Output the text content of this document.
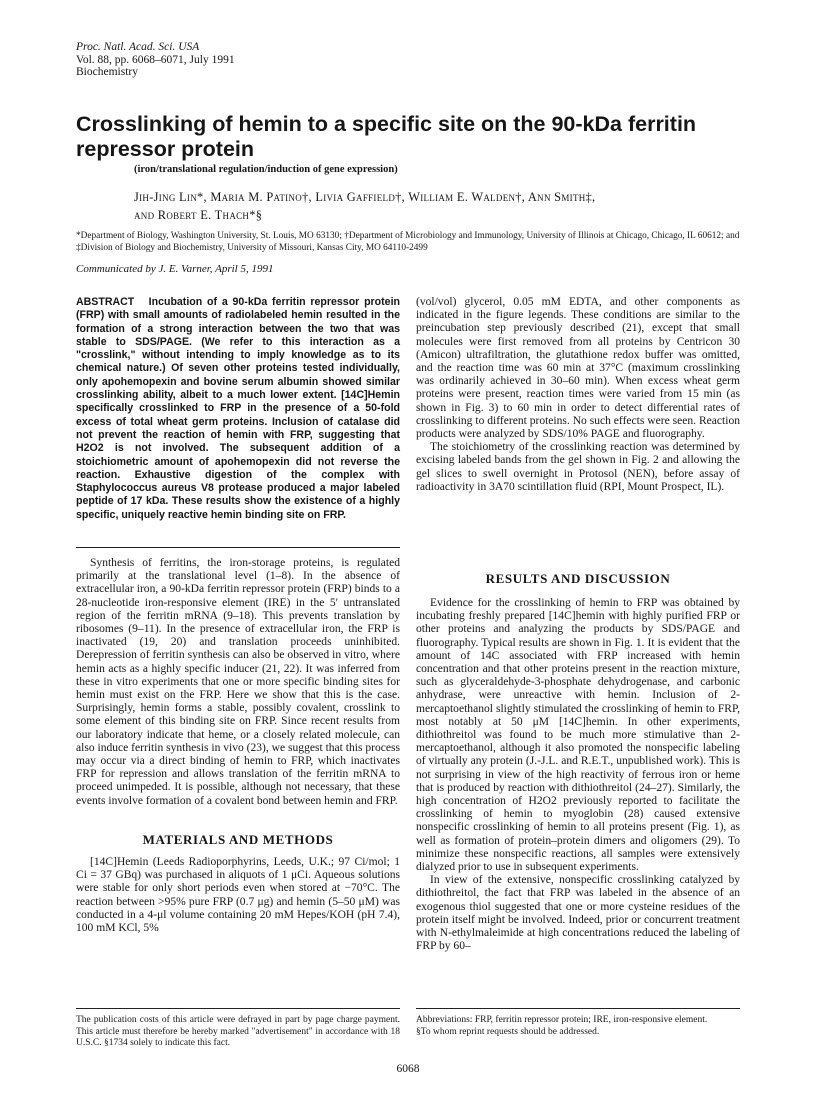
Proc. Natl. Acad. Sci. USA
Vol. 88, pp. 6068–6071, July 1991
Biochemistry
Crosslinking of hemin to a specific site on the 90-kDa ferritin repressor protein
(iron/translational regulation/induction of gene expression)
Jih-Jing Lin*, Maria M. Patino†, Livia Gaffield†, William E. Walden†, Ann Smith‡,
and Robert E. Thach*§
*Department of Biology, Washington University, St. Louis, MO 63130; †Department of Microbiology and Immunology, University of Illinois at Chicago, Chicago, IL 60612; and ‡Division of Biology and Biochemistry, University of Missouri, Kansas City, MO 64110-2499
Communicated by J. E. Varner, April 5, 1991

ABSTRACT Incubation of a 90-kDa ferritin repressor protein (FRP) with small amounts of radiolabeled hemin resulted in the formation of a strong interaction between the two that was stable to SDS/PAGE. (We refer to this interaction as a "crosslink," without intending to imply knowledge as to its chemical nature.) Of seven other proteins tested individually, only apohemopexin and bovine serum albumin showed similar crosslinking ability, albeit to a much lower extent. [14C]Hemin specifically crosslinked to FRP in the presence of a 50-fold excess of total wheat germ proteins. Inclusion of catalase did not prevent the reaction of hemin with FRP, suggesting that H2O2 is not involved. The subsequent addition of a stoichiometric amount of apohemopexin did not reverse the reaction. Exhaustive digestion of the complex with Staphylococcus aureus V8 protease produced a major labeled peptide of 17 kDa. These results show the existence of a highly specific, uniquely reactive hemin binding site on FRP.

Synthesis of ferritins, the iron-storage proteins, is regulated primarily at the translational level (1–8). In the absence of extracellular iron, a 90-kDa ferritin repressor protein (FRP) binds to a 28-nucleotide iron-responsive element (IRE) in the 5′ untranslated region of the ferritin mRNA (9–18). This prevents translation by ribosomes (9–11). In the presence of extracellular iron, the FRP is inactivated (19, 20) and translation proceeds uninhibited. Derepression of ferritin synthesis can also be observed in vitro, where hemin acts as a highly specific inducer (21, 22). It was inferred from these in vitro experiments that one or more specific binding sites for hemin must exist on the FRP. Here we show that this is the case. Surprisingly, hemin forms a stable, possibly covalent, crosslink to some element of this binding site on FRP. Since recent results from our laboratory indicate that heme, or a closely related molecule, can also induce ferritin synthesis in vivo (23), we suggest that this process may occur via a direct binding of hemin to FRP, which inactivates FRP for repression and allows translation of the ferritin mRNA to proceed unimpeded. It is possible, although not necessary, that these events involve formation of a covalent bond between hemin and FRP.

MATERIALS AND METHODS

[14C]Hemin (Leeds Radioporphyrins, Leeds, U.K.; 97 Ci/mol; 1 Ci = 37 GBq) was purchased in aliquots of 1 μCi. Aqueous solutions were stable for only short periods even when stored at −70°C. The reaction between >95% pure FRP (0.7 μg) and hemin (5–50 μM) was conducted in a 4-μl volume containing 20 mM Hepes/KOH (pH 7.4), 100 mM KCl, 5%

The publication costs of this article were defrayed in part by page charge payment. This article must therefore be hereby marked "advertisement" in accordance with 18 U.S.C. §1734 solely to indicate this fact.

(vol/vol) glycerol, 0.05 mM EDTA, and other components as indicated in the figure legends. These conditions are similar to the preincubation step previously described (21), except that small molecules were first removed from all proteins by Centricon 30 (Amicon) ultrafiltration, the glutathione redox buffer was omitted, and the reaction time was 60 min at 37°C (maximum crosslinking was ordinarily achieved in 30–60 min). When excess wheat germ proteins were present, reaction times were varied from 15 min (as shown in Fig. 3) to 60 min in order to detect differential rates of crosslinking to different proteins. No such effects were seen. Reaction products were analyzed by SDS/10% PAGE and fluorography.

The stoichiometry of the crosslinking reaction was determined by excising labeled bands from the gel shown in Fig. 2 and allowing the gel slices to swell overnight in Protosol (NEN), before assay of radioactivity in 3A70 scintillation fluid (RPI, Mount Prospect, IL).

RESULTS AND DISCUSSION

Evidence for the crosslinking of hemin to FRP was obtained by incubating freshly prepared [14C]hemin with highly purified FRP or other proteins and analyzing the products by SDS/PAGE and fluorography. Typical results are shown in Fig. 1. It is evident that the amount of 14C associated with FRP increased with hemin concentration and that other proteins present in the reaction mixture, such as glyceraldehyde-3-phosphate dehydrogenase, and carbonic anhydrase, were unreactive with hemin. Inclusion of 2-mercaptoethanol slightly stimulated the crosslinking of hemin to FRP, most notably at 50 μM [14C]hemin. In other experiments, dithiothreitol was found to be much more stimulative than 2-mercaptoethanol, although it also promoted the nonspecific labeling of virtually any protein (J.-J.L. and R.E.T., unpublished work). This is not surprising in view of the high reactivity of ferrous iron or heme that is produced by reaction with dithiothreitol (24–27). Similarly, the high concentration of H2O2 previously reported to facilitate the crosslinking of hemin to myoglobin (28) caused extensive nonspecific crosslinking of hemin to all proteins present (Fig. 1), as well as formation of protein–protein dimers and oligomers (29). To minimize these nonspecific reactions, all samples were extensively dialyzed prior to use in subsequent experiments.

In view of the extensive, nonspecific crosslinking catalyzed by dithiothreitol, the fact that FRP was labeled in the absence of an exogenous thiol suggested that one or more cysteine residues of the protein itself might be involved. Indeed, prior or concurrent treatment with N-ethylmaleimide at high concentrations reduced the labeling of FRP by 60–

Abbreviations: FRP, ferritin repressor protein; IRE, iron-responsive element.
§To whom reprint requests should be addressed.
6068
